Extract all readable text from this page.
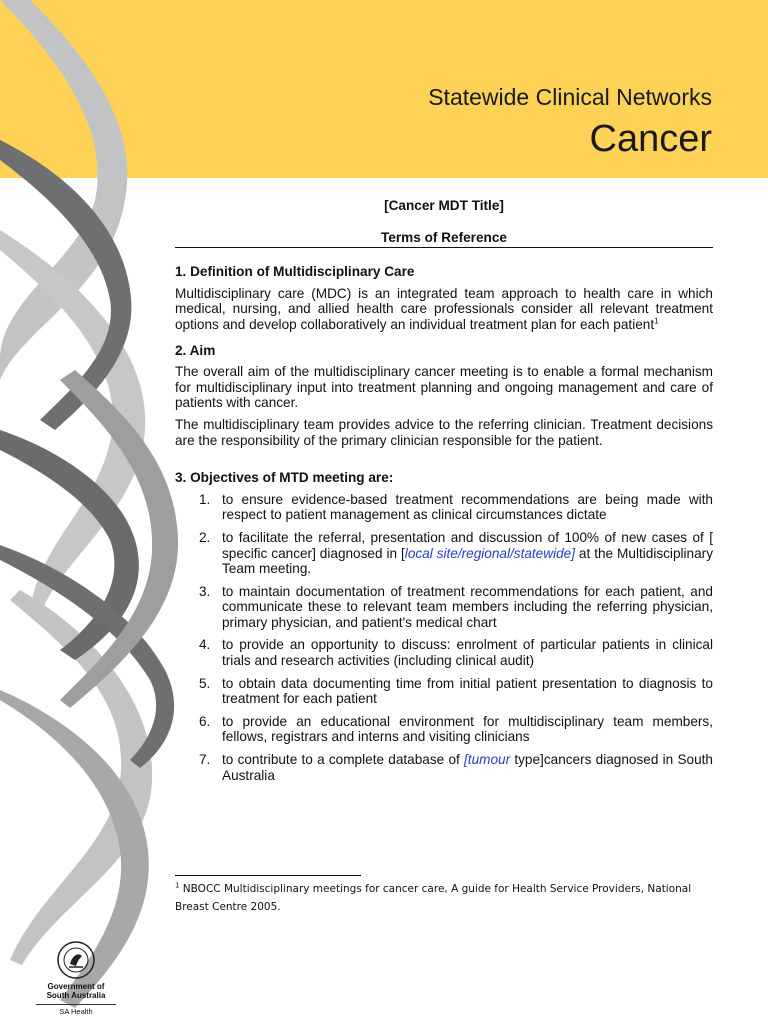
Statewide Clinical Networks
Cancer
[Cancer MDT Title]
Terms of Reference
1. Definition of Multidisciplinary Care

Multidisciplinary care (MDC) is an integrated team approach to health care in which medical, nursing, and allied health care professionals consider all relevant treatment options and develop collaboratively an individual treatment plan for each patient$^1$

2. Aim

The overall aim of the multidisciplinary cancer meeting is to enable a formal mechanism for multidisciplinary input into treatment planning and ongoing management and care of patients with cancer.

The multidisciplinary team provides advice to the referring clinician. Treatment decisions are the responsibility of the primary clinician responsible for the patient.

3. Objectives of MTD meeting are:
1. to ensure evidence-based treatment recommendations are being made with respect to patient management as clinical circumstances dictate
2. to facilitate the referral, presentation and discussion of 100% of new cases of [ specific cancer] diagnosed in [local site/regional/statewide] at the Multidisciplinary Team meeting.
3. to maintain documentation of treatment recommendations for each patient, and communicate these to relevant team members including the referring physician, primary physician, and patient's medical chart
4. to provide an opportunity to discuss: enrolment of particular patients in clinical trials and research activities (including clinical audit)
5. to obtain data documenting time from initial patient presentation to diagnosis to treatment for each patient
6. to provide an educational environment for multidisciplinary team members, fellows, registrars and interns and visiting clinicians
7. to contribute to a complete database of [tumour type]cancers diagnosed in South Australia
$^1$ NBOCC Multidisciplinary meetings for cancer care, A guide for Health Service Providers, National Breast Centre 2005.
Government of South Australia
SA Health
